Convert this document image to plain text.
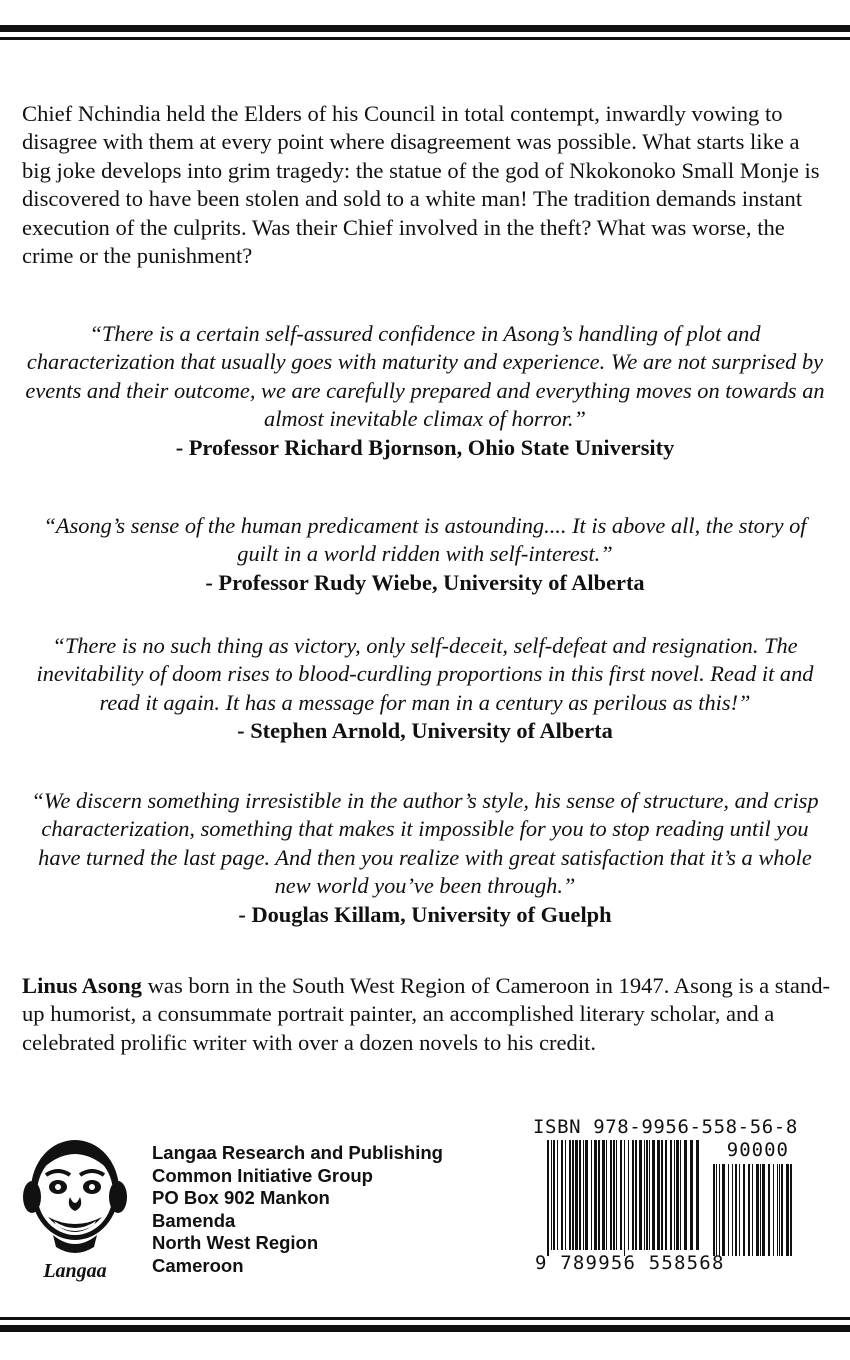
Chief Nchindia held the Elders of his Council in total contempt, inwardly vowing to disagree with them at every point where disagreement was possible. What starts like a big joke develops into grim tragedy: the statue of the god of Nkokonoko Small Monje is discovered to have been stolen and sold to a white man! The tradition demands instant execution of the culprits. Was their Chief involved in the theft? What was worse, the crime or the punishment?

“There is a certain self-assured confidence in Asong’s handling of plot and characterization that usually goes with maturity and experience. We are not surprised by events and their outcome, we are carefully prepared and everything moves on towards an almost inevitable climax of horror.”

- Professor Richard Bjornson, Ohio State University

“Asong’s sense of the human predicament is astounding.... It is above all, the story of guilt in a world ridden with self-interest.”

- Professor Rudy Wiebe, University of Alberta

“There is no such thing as victory, only self-deceit, self-defeat and resignation. The inevitability of doom rises to blood-curdling proportions in this first novel. Read it and read it again. It has a message for man in a century as perilous as this!”

- Stephen Arnold, University of Alberta

“We discern something irresistible in the author’s style, his sense of structure, and crisp characterization, something that makes it impossible for you to stop reading until you have turned the last page. And then you realize with great satisfaction that it’s a whole new world you’ve been through.”

- Douglas Killam, University of Guelph

Linus Asong was born in the South West Region of Cameroon in 1947. Asong is a stand-up humorist, a consummate portrait painter, an accomplished literary scholar, and a celebrated prolific writer with over a dozen novels to his credit.

Langaa
Langaa Research and Publishing
Common Initiative Group
PO Box 902 Mankon
Bamenda
North West Region
Cameroon
ISBN 978-9956-558-56-8
90000
9 789956 558568
